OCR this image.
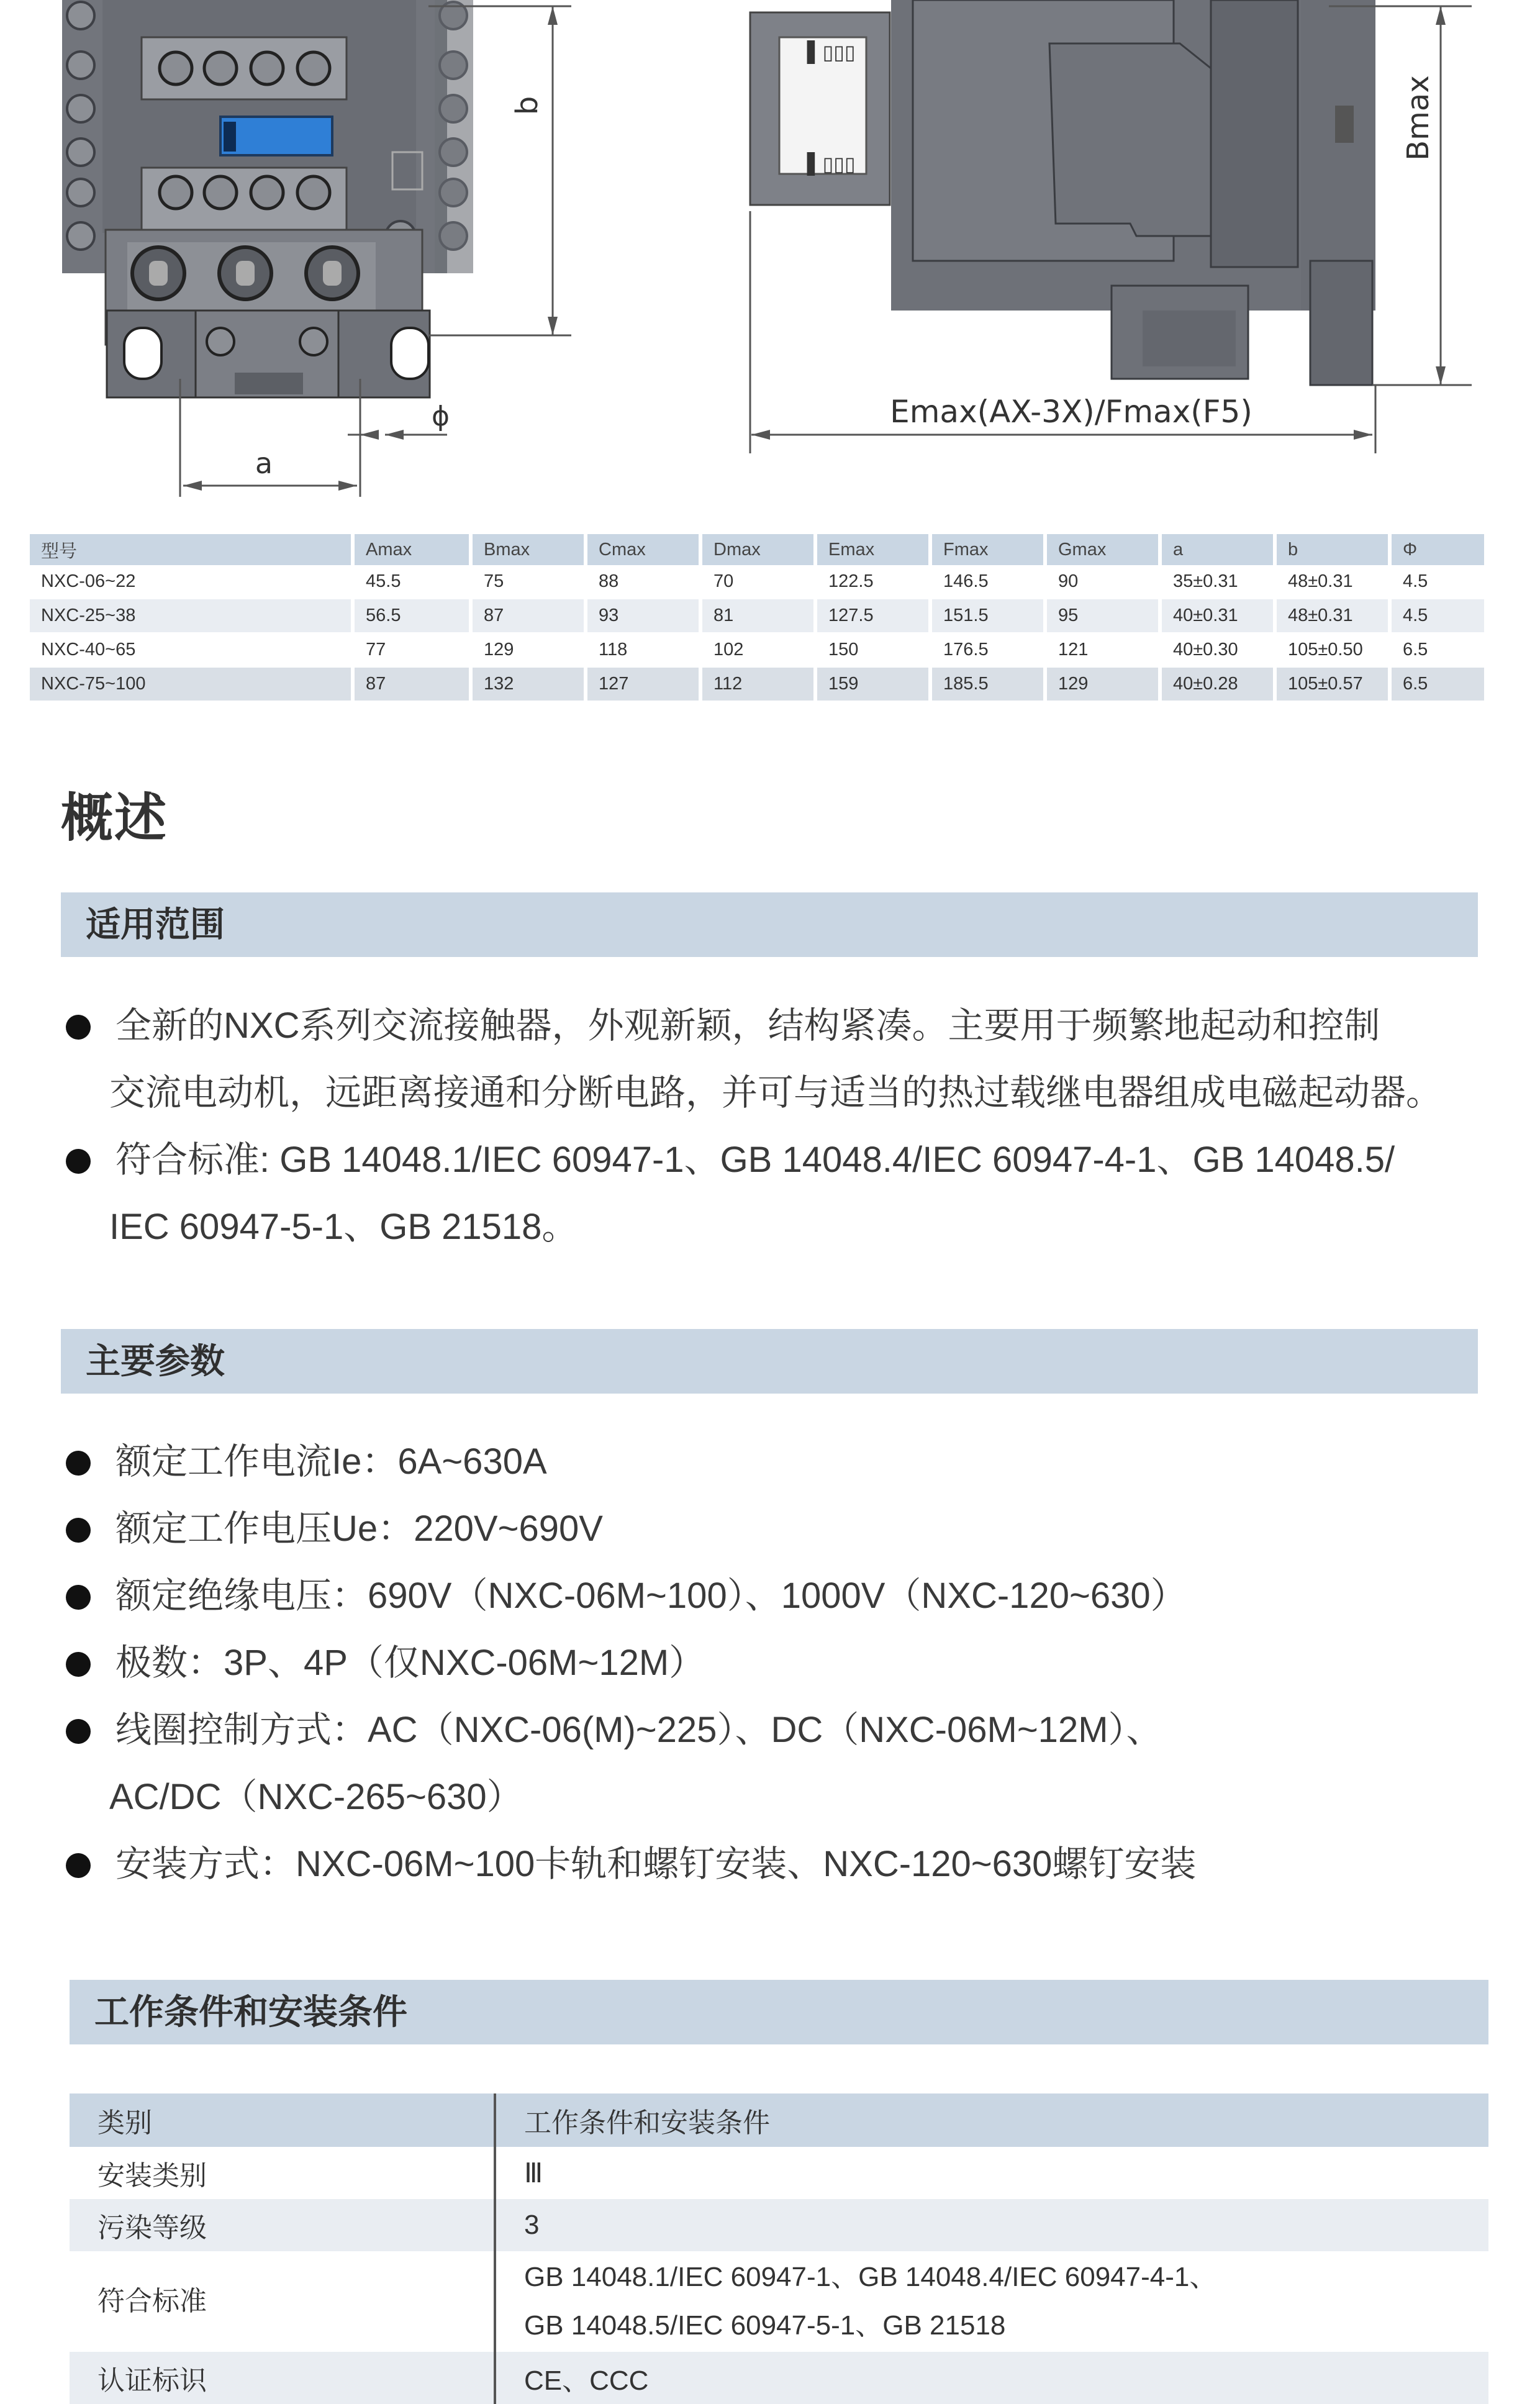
b
ϕ
a
▌▯▯▯
▌▯▯▯
Bmax
Emax(AX-3X)/Fmax(F5)
型号	Amax	Bmax	Cmax	Dmax	Emax	Fmax	Gmax	a	b	Φ
NXC-06~22	45.5	75	88	70	122.5	146.5	90	35±0.31	48±0.31	4.5
NXC-25~38	56.5	87	93	81	127.5	151.5	95	40±0.31	48±0.31	4.5
NXC-40~65	77	129	118	102	150	176.5	121	40±0.30	105±0.50	6.5
NXC-75~100	87	132	127	112	159	185.5	129	40±0.28	105±0.57	6.5
概述
适用范围
全新的NXC系列交流接触器，外观新颖，结构紧凑。主要用于频繁地起动和控制
交流电动机，远距离接通和分断电路，并可与适当的热过载继电器组成电磁起动器。
符合标准: GB 14048.1/IEC 60947-1、GB 14048.4/IEC 60947-4-1、GB 14048.5/
IEC 60947-5-1、GB 21518。
主要参数
额定工作电流Ie：6A~630A
额定工作电压Ue：220V~690V
额定绝缘电压：690V（NXC-06M~100）、1000V（NXC-120~630）
极数：3P、4P（仅NXC-06M~12M）
线圈控制方式：AC（NXC-06(M)~225）、DC（NXC-06M~12M）、
AC/DC（NXC-265~630）
安装方式：NXC-06M~100卡轨和螺钉安装、NXC-120~630螺钉安装
工作条件和安装条件
类别	工作条件和安装条件
安装类别	Ⅲ
污染等级	3
符合标准	GB 14048.1/IEC 60947-1、GB 14048.4/IEC 60947-4-1、
GB 14048.5/IEC 60947-5-1、GB 21518

认证标识	CE、CCC
